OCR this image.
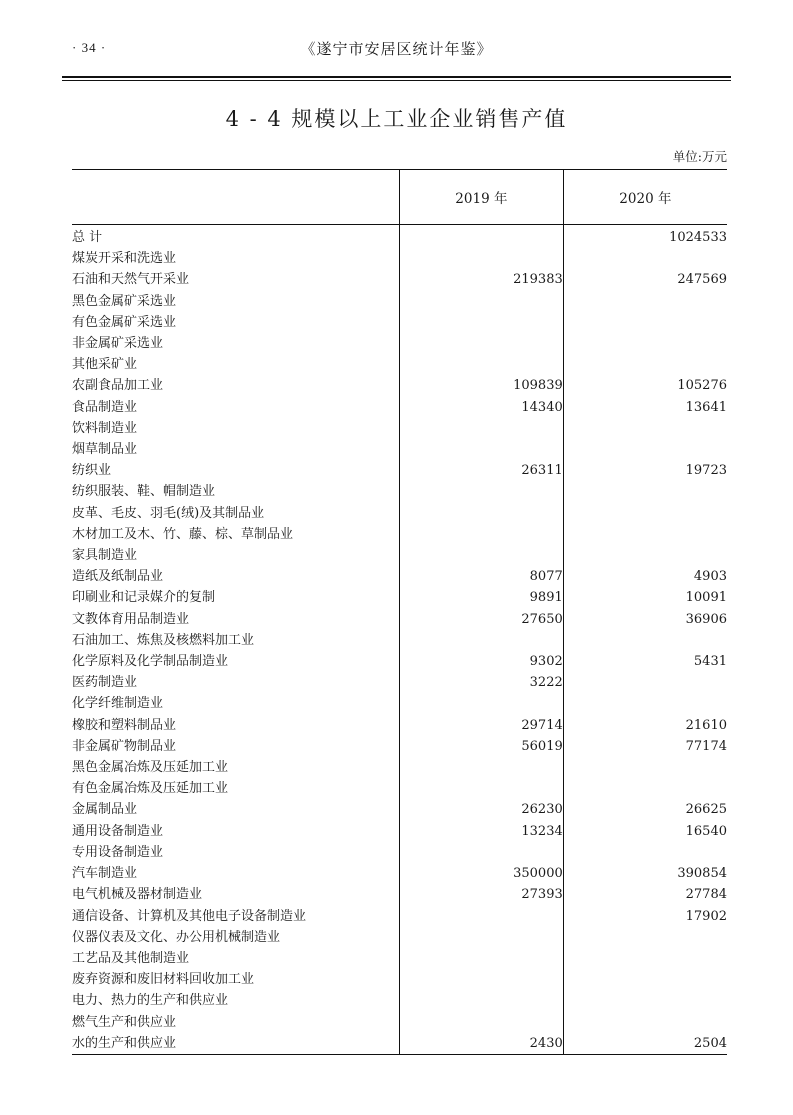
· 34 ·	《遂宁市安居区统计年鉴》
4 - 4 规模以上工业企业销售产值
单位:万元
	2019 年	2020 年
总 计		1024533
煤炭开采和洗选业		
石油和天然气开采业	219383	247569
黑色金属矿采选业		
有色金属矿采选业		
非金属矿采选业		
其他采矿业		
农副食品加工业	109839	105276
食品制造业	14340	13641
饮料制造业		
烟草制品业		
纺织业	26311	19723
纺织服装、鞋、帽制造业		
皮革、毛皮、羽毛(绒)及其制品业		
木材加工及木、竹、藤、棕、草制品业		
家具制造业		
造纸及纸制品业	8077	4903
印刷业和记录媒介的复制	9891	10091
文教体育用品制造业	27650	36906
石油加工、炼焦及核燃料加工业		
化学原料及化学制品制造业	9302	5431
医药制造业	3222	
化学纤维制造业		
橡胶和塑料制品业	29714	21610
非金属矿物制品业	56019	77174
黑色金属冶炼及压延加工业		
有色金属冶炼及压延加工业		
金属制品业	26230	26625
通用设备制造业	13234	16540
专用设备制造业		
汽车制造业	350000	390854
电气机械及器材制造业	27393	27784
通信设备、计算机及其他电子设备制造业		17902
仪器仪表及文化、办公用机械制造业		
工艺品及其他制造业		
废弃资源和废旧材料回收加工业		
电力、热力的生产和供应业		
燃气生产和供应业		
水的生产和供应业	2430	2504
